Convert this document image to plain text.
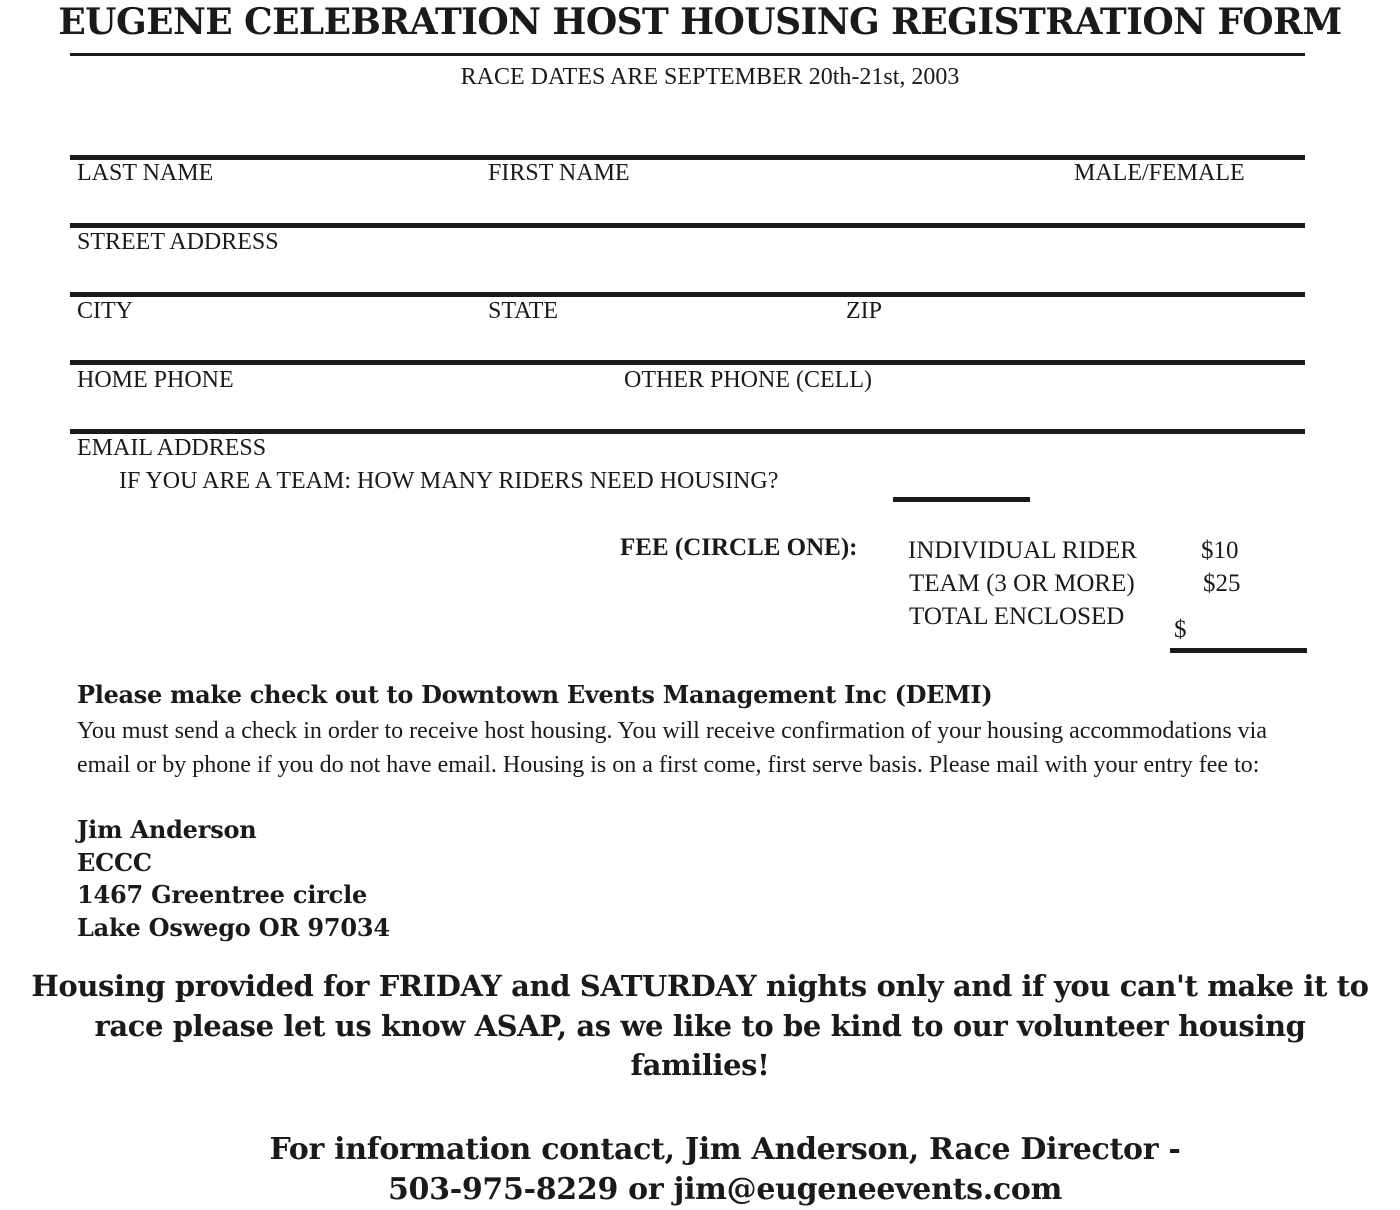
EUGENE CELEBRATION HOST HOUSING REGISTRATION FORM
RACE DATES ARE SEPTEMBER 20th-21st, 2003
LAST NAME	FIRST NAME	MALE/FEMALE
STREET ADDRESS
CITY	STATE	ZIP
HOME PHONE	OTHER PHONE (CELL)
EMAIL ADDRESS
IF YOU ARE A TEAM: HOW MANY RIDERS NEED HOUSING?
FEE (CIRCLE ONE): INDIVIDUAL RIDER	$10
TEAM (3 OR MORE)	$25
TOTAL ENCLOSED $
Please make check out to Downtown Events Management Inc (DEMI)
You must send a check in order to receive host housing. You will receive confirmation of your housing accommodations via email or by phone if you do not have email. Housing is on a first come, first serve basis. Please mail with your entry fee to:
Jim Anderson
ECCC
1467 Greentree circle
Lake Oswego OR 97034
Housing provided for FRIDAY and SATURDAY nights only and if you can't make it to race please let us know ASAP, as we like to be kind to our volunteer housing families!
For information contact, Jim Anderson, Race Director -
503-975-8229 or jim@eugeneevents.com
